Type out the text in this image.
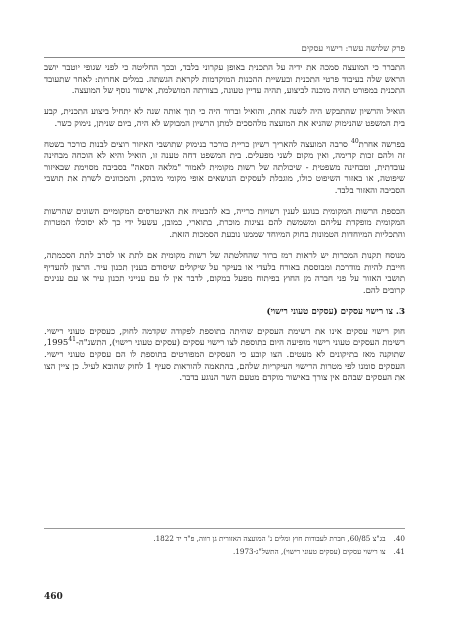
פרק שלושה עשר: רישוי עסקים

התברר כי המועצה סמכה את ידיה על התכנית באופן עקרוני בלבד, ובכך החליטה כי לפני שגופי יוטבר יושב הראש שלה בעיבוד פרטי התכנית ובעשיית ההכנות המוקדמות לקראת הגשתה. במלים אחרות: לאחר שתעובד התכנית במפורט תהיה מוכנה לביצוע, תהיה עדיין טעונה, בצורתה המושלמת, אישור נוסף של המועצה.

הואיל והרשיון שהתבקש היה לשנה אחת, והואיל וברור היה כי תוך אותה שנה לא יתחיל ביצוע התכנית, קבע בית המשפט שהנימוק שהניא את המועצה מלהסכים למתן הרשיון המבוקש לא היה, ביום שניתן, נימוק כשר.

בפרשה אחרת$^{40}$ סרבה המועצה להאריך רשיון כריית כורכר בנימוק שתושבי האיזור רוצים לבנות כורכר בשטח זה ולהם זכות קדימה, ואין מקום לשני מפעלים. בית המשפט דחה טענה זו, הואיל והיא לא הוכחה מבחינה עובדתית, ומבחינה משפטית - שיכולתה של רשות מקומית לאמור "מלאה הסאה" בסביבה מסוימת שבאיזור שיפוטה, או באזור השיפוט כולו, מוגבלת לעסקים הנושאים אופי מקומי מובהק, והמכוונים לשרת את תושבי הסביבה והאזור בלבד.

הכספת הרשות המקומית בנוגע לענין רשויות כרייה, בא להבטיח את האינטרסים המקומיים השונים שהרשות המקומית מופקדת עליהם ומשמשת להם נציגות מוכרת, בתוארי, כמובן, עשעל ידי כך לא יסוכלו המטרות והתכליות המיוחדות הטמונות בחוק המיוחד שממנו נובעת הסמכות הזאת.

מנוסח תקנות המכרות יש לראות רמז ברור שהחלטתה של רשות מקומית אם לתת או לסרב לתת הסכמתה, חייבת להיות מודרכת ומבוססת באורח בלעדי או בעיקר על שיקולים שיסודם בענין תכנון עיר. הרצון להעדיף תושבי האזור על פני חברה מן החוץ בפיתוח מפעל במקום, לדבר אין לו עם ענייני תכנון עיר או עם ענינים קרובים להם.

3. צו רישוי עסקים (עסקים טעוני רישוי)

חוק רישוי עסקים אינו את רשימת העסקים שהיתה בתוספת לפקודה שקדמה לחוק, כעסקים טעוני רישוי. רשימת העסקים טעוני רישוי מופיעה היום בתוספת לצו רישוי עסקים (עסקים טעוני רישוי), התשנ"ה-1995$^{41}$, שתוקנה מאז בתיקונים לא מעטים. הצו קובע כי העסקים המפורטים בתוספת לו הם עסקים טעוני רישוי. העסקים סומנו לפי מטרות הרישוי העיקריות שלהם, בהתאמה להוראות סעיף 1 לחוק שהובא לעיל. כן ציין הצו את העסקים שבהם אין צורך באישור מוקדם מטעם השר הנוגע בדבר.

40.
בג"צ 60/85, חברת לעבודות חוץ ומלים נ' המועצה האזורית גן רווה, פ"ד יד 1822.
41.
צו רישוי עסקים (עסקים טעוני רישוי), התשל"ג-1973.
460
